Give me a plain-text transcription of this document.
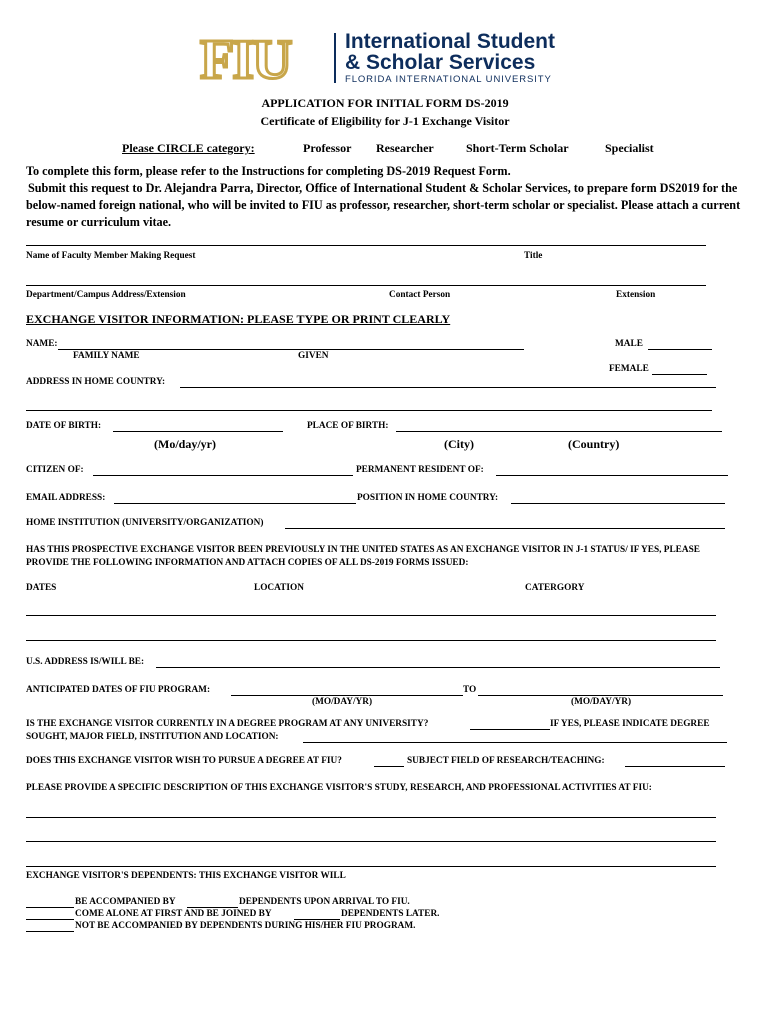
FIU	International Student
& Scholar Services
FLORIDA INTERNATIONAL UNIVERSITY
APPLICATION FOR INITIAL FORM DS-2019
Certificate of Eligibility for J-1 Exchange Visitor
Please CIRCLE category:	Professor Researcher	Short-Term Scholar	Specialist
To complete this form, please refer to the Instructions for completing DS-2019 Request Form.
Submit this request to Dr. Alejandra Parra, Director, Office of International Student & Scholar Services, to prepare form DS2019 for the below-named foreign national, who will be invited to FIU as professor, researcher, short-term scholar or specialist. Please attach a current resume or curriculum vitae.
Name of Faculty Member Making Request	Title
Department/Campus Address/Extension	Contact Person	Extension
EXCHANGE VISITOR INFORMATION: PLEASE TYPE OR PRINT CLEARLY
NAME:	MALE
FAMILY NAME	GIVEN
FEMALE
ADDRESS IN HOME COUNTRY:
DATE OF BIRTH:	PLACE OF BIRTH:
(Mo/day/yr)	(City)	(Country)
CITIZEN OF:	PERMANENT RESIDENT OF:
EMAIL ADDRESS:	POSITION IN HOME COUNTRY:
HOME INSTITUTION (UNIVERSITY/ORGANIZATION)
HAS THIS PROSPECTIVE EXCHANGE VISITOR BEEN PREVIOUSLY IN THE UNITED STATES AS AN EXCHANGE VISITOR IN J-1 STATUS/ IF YES, PLEASE PROVIDE THE FOLLOWING INFORMATION AND ATTACH COPIES OF ALL DS-2019 FORMS ISSUED:
DATES	LOCATION	CATERGORY
U.S. ADDRESS IS/WILL BE:
ANTICIPATED DATES OF FIU PROGRAM:	TO
(MO/DAY/YR)	(MO/DAY/YR)
IS THE EXCHANGE VISITOR CURRENTLY IN A DEGREE PROGRAM AT ANY UNIVERSITY?	IF YES, PLEASE INDICATE DEGREE
SOUGHT, MAJOR FIELD, INSTITUTION AND LOCATION:
DOES THIS EXCHANGE VISITOR WISH TO PURSUE A DEGREE AT FIU?	SUBJECT FIELD OF RESEARCH/TEACHING:
PLEASE PROVIDE A SPECIFIC DESCRIPTION OF THIS EXCHANGE VISITOR'S STUDY, RESEARCH, AND PROFESSIONAL ACTIVITIES AT FIU:
EXCHANGE VISITOR'S DEPENDENTS: THIS EXCHANGE VISITOR WILL
BE ACCOMPANIED BY	DEPENDENTS UPON ARRIVAL TO FIU.
COME ALONE AT FIRST AND BE JOINED BY	DEPENDENTS LATER.
NOT BE ACCOMPANIED BY DEPENDENTS DURING HIS/HER FIU PROGRAM.
